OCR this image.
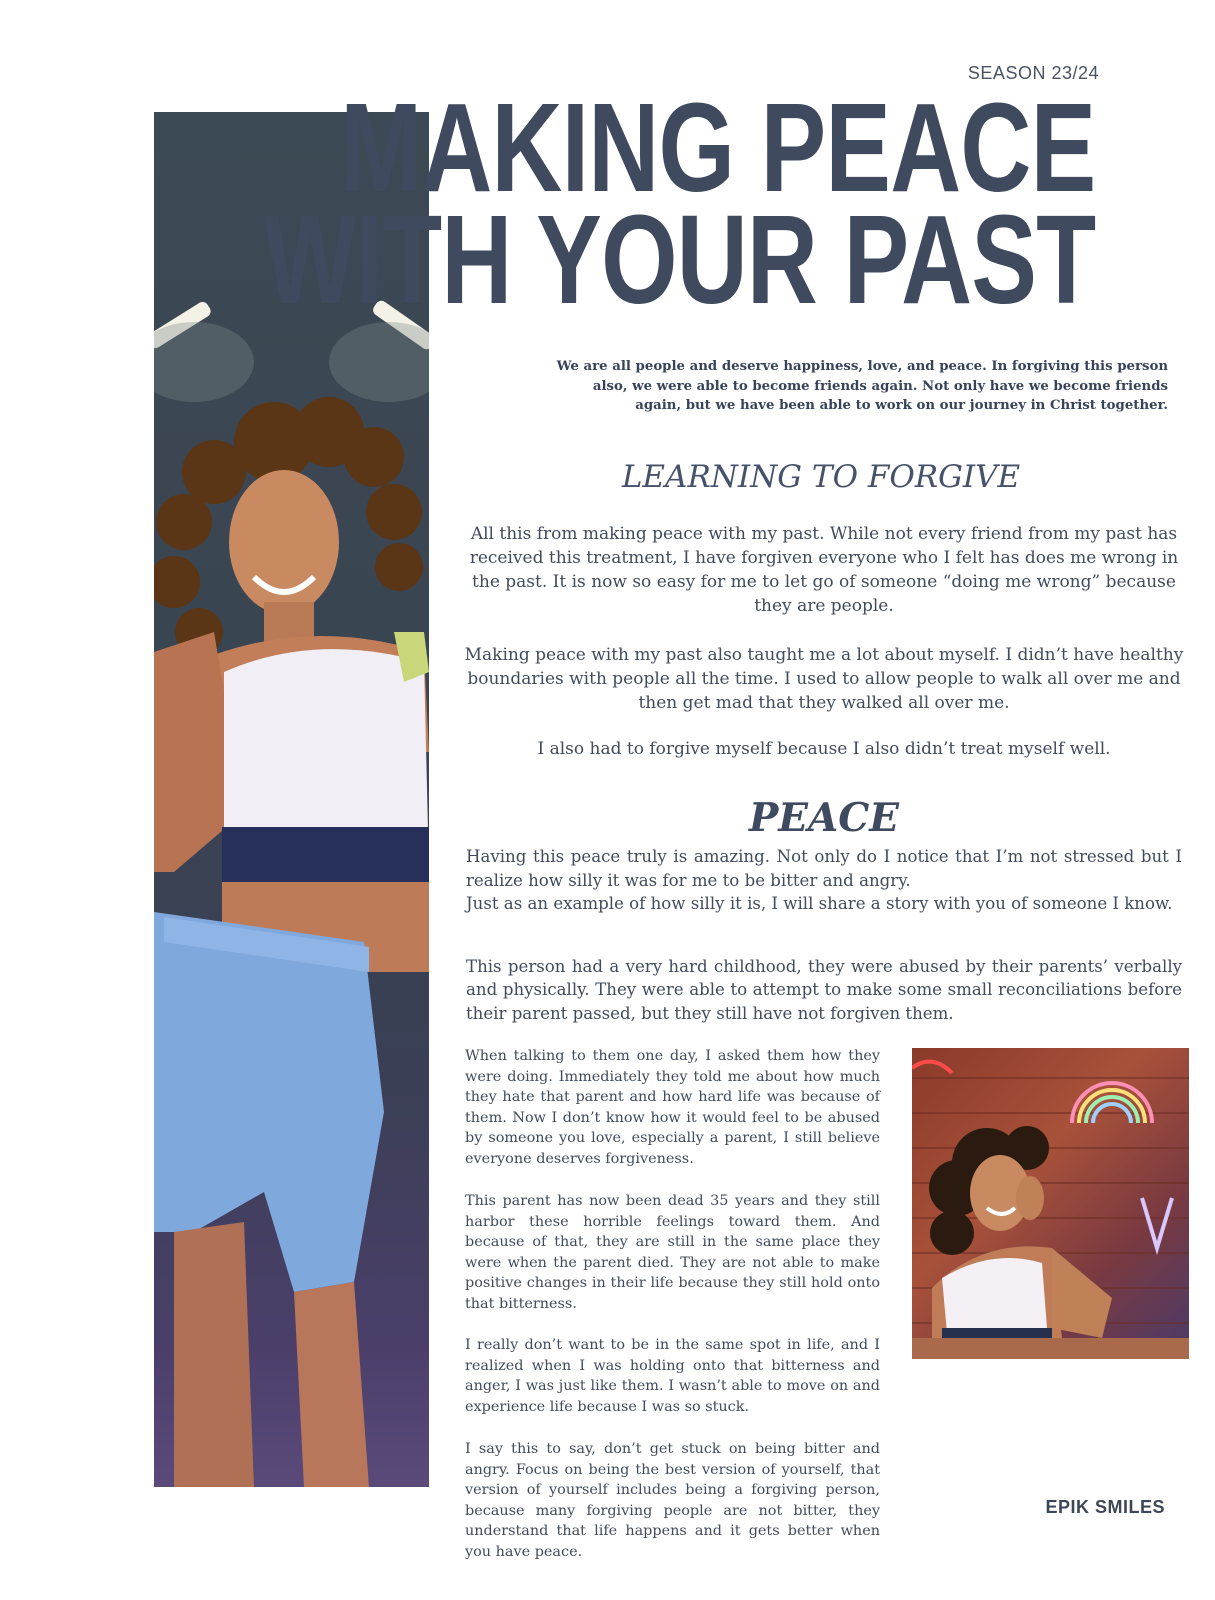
SEASON 23/24
MAKING PEACE
WITH YOUR PAST

We are all people and deserve happiness, love, and peace. In forgiving this person also, we were able to become friends again. Not only have we become friends again, but we have been able to work on our journey in Christ together.

LEARNING TO FORGIVE

All this from making peace with my past. While not every friend from my past has received this treatment, I have forgiven everyone who I felt has does me wrong in the past. It is now so easy for me to let go of someone “doing me wrong” because they are people.

Making peace with my past also taught me a lot about myself. I didn’t have healthy boundaries with people all the time. I used to allow people to walk all over me and then get mad that they walked all over me.

I also had to forgive myself because I also didn’t treat myself well.

PEACE
Having this peace truly is amazing. Not only do I notice that I’m not stressed but I realize how silly it was for me to be bitter and angry.
Just as an example of how silly it is, I will share a story with you of someone I know.

This person had a very hard childhood, they were abused by their parents’ verbally and physically. They were able to attempt to make some small reconciliations before their parent passed, but they still have not forgiven them.

When talking to them one day, I asked them how they were doing. Immediately they told me about how much they hate that parent and how hard life was because of them. Now I don’t know how it would feel to be abused by someone you love, especially a parent, I still believe everyone deserves forgiveness.

This parent has now been dead 35 years and they still harbor these horrible feelings toward them. And because of that, they are still in the same place they were when the parent died. They are not able to make positive changes in their life because they still hold onto that bitterness.

I really don’t want to be in the same spot in life, and I realized when I was holding onto that bitterness and anger, I was just like them. I wasn’t able to move on and experience life because I was so stuck.

I say this to say, don’t get stuck on being bitter and angry. Focus on being the best version of yourself, that version of yourself includes being a forgiving person, because many forgiving people are not bitter, they understand that life happens and it gets better when you have peace.

EPIK SMILES
